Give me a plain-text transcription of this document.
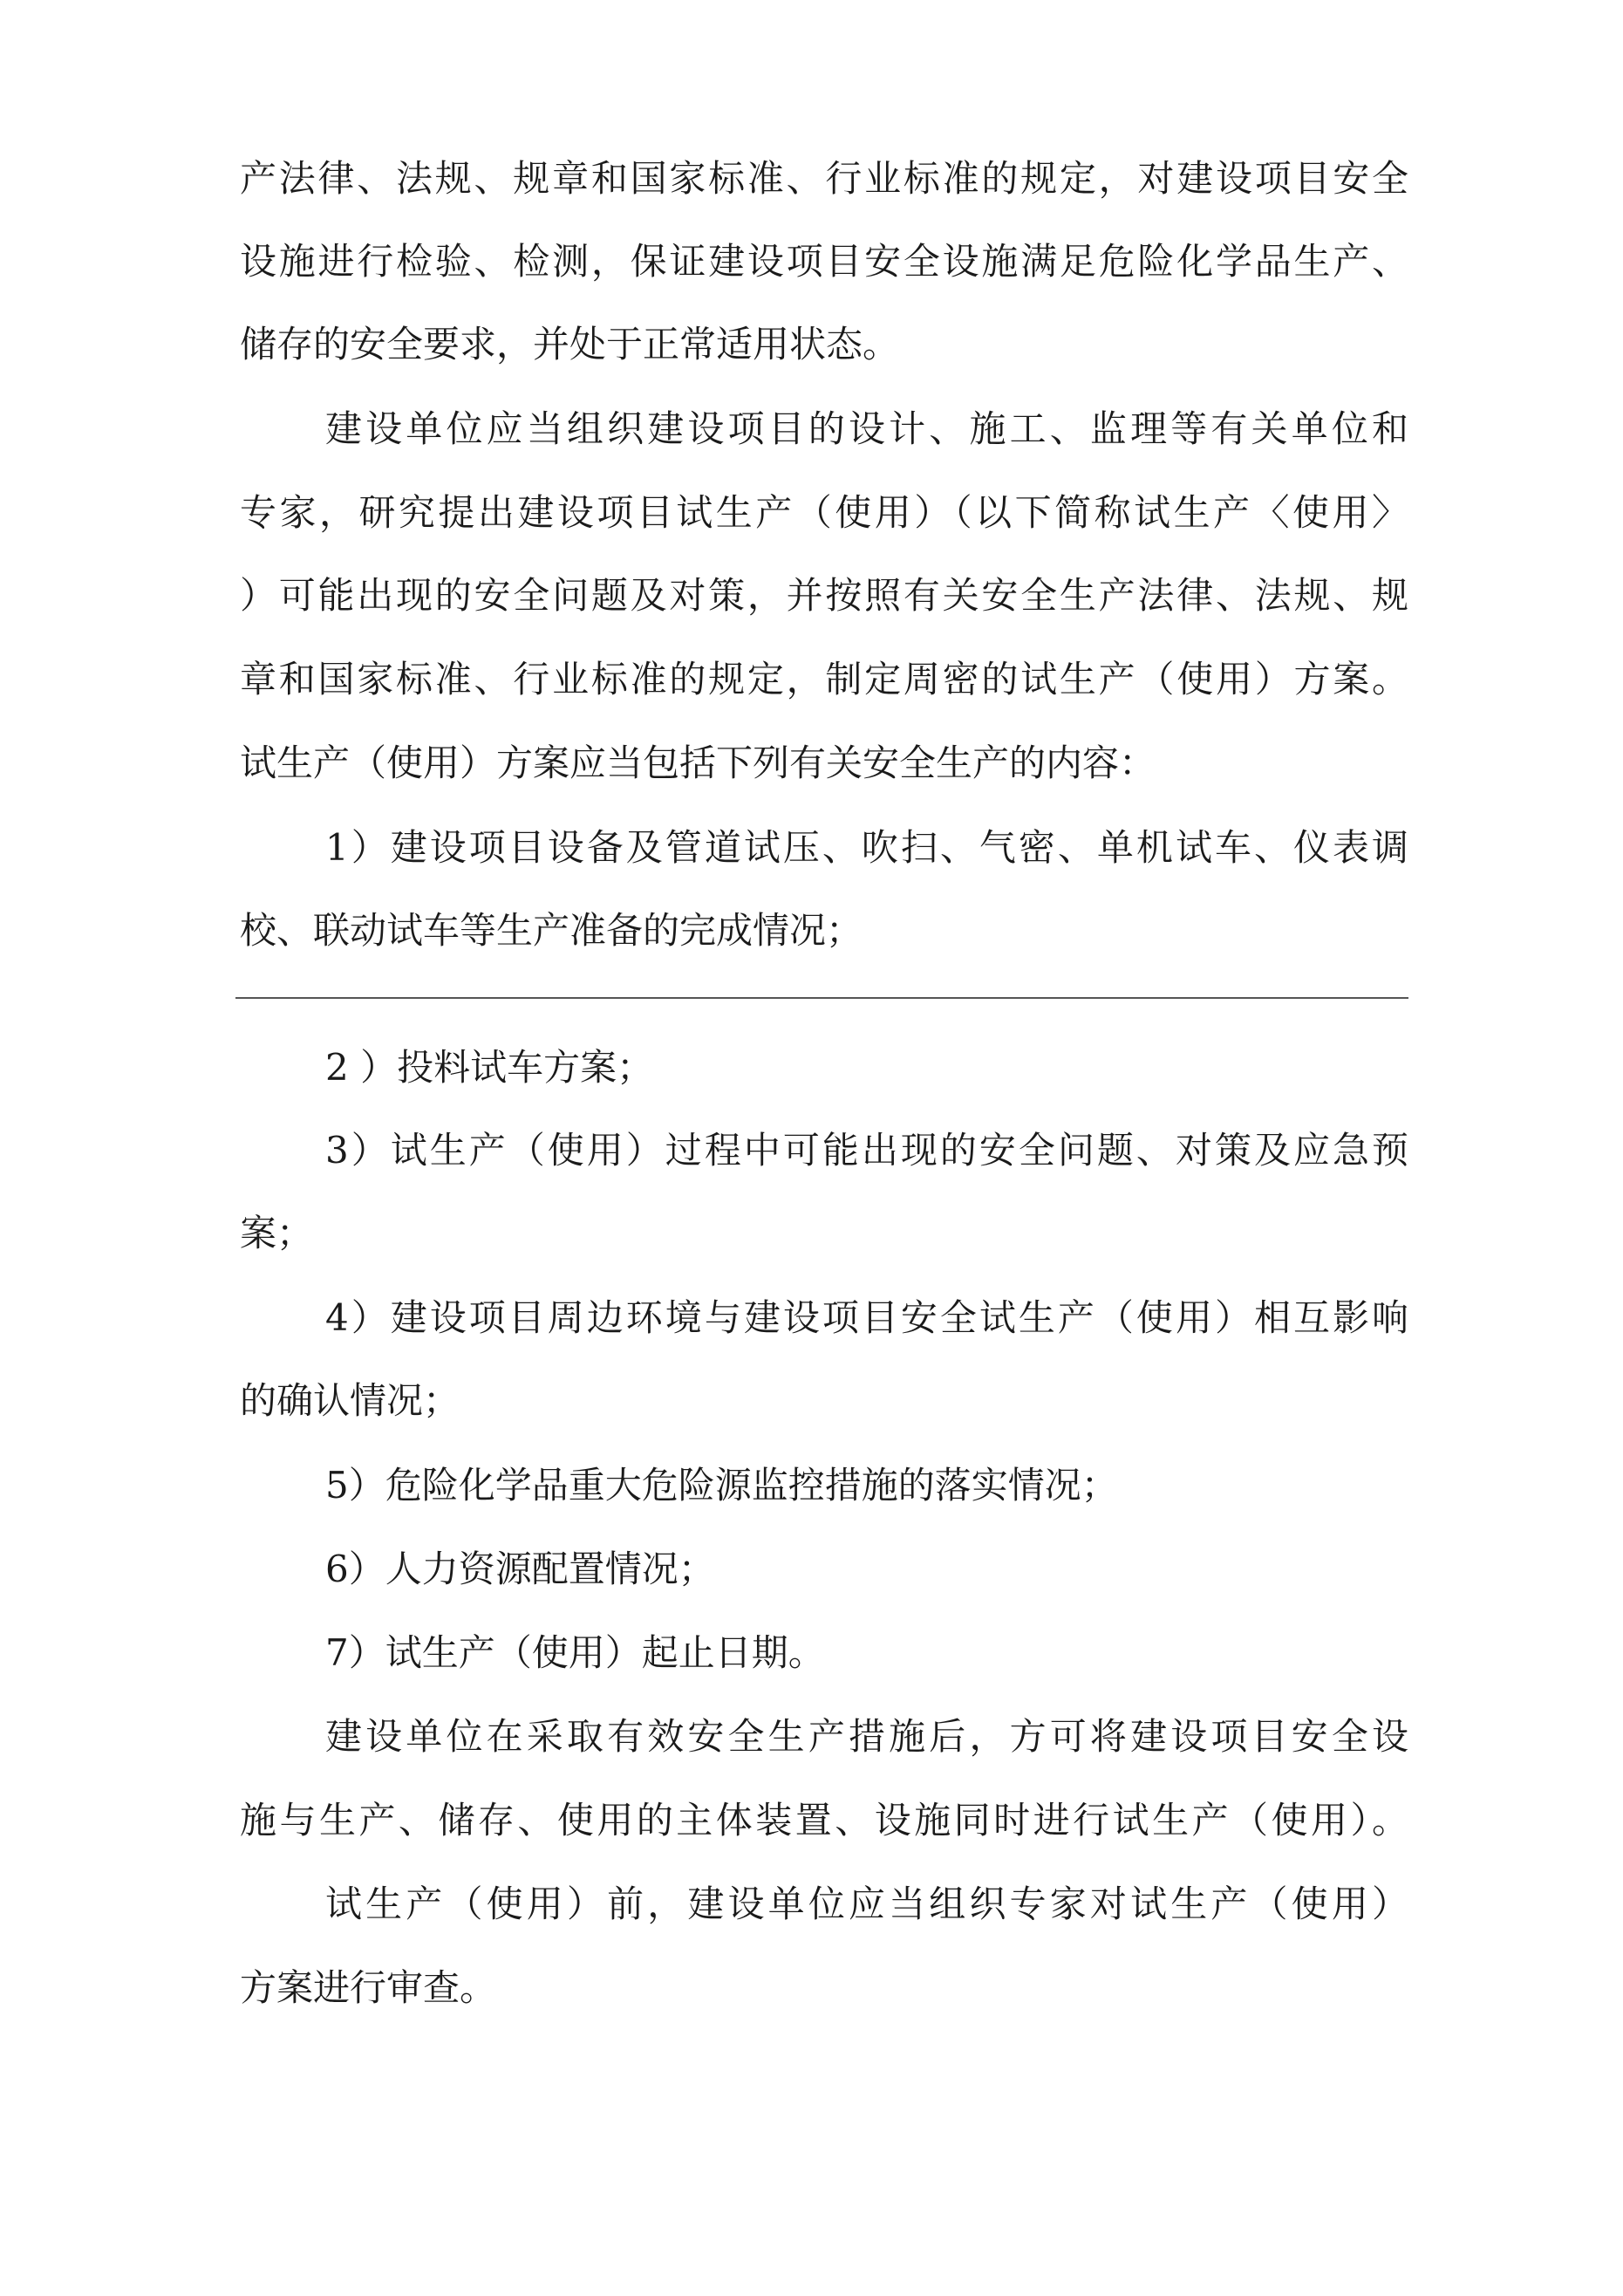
产法律、法规、规章和国家标准、行业标准的规定，对建设项目安全

设施进行检验、检测，保证建设项目安全设施满足危险化学品生产、

储存的安全要求，并处于正常适用状态。

建设单位应当组织建设项目的设计、施工、监理等有关单位和

专家，研究提出建设项目试生产（使用）（以下简称试生产〈使用〉

）可能出现的安全问题及对策，并按照有关安全生产法律、法规、规

章和国家标准、行业标准的规定，制定周密的试生产（使用）方案。

试生产（使用）方案应当包括下列有关安全生产的内容：

1）建设项目设备及管道试压、吹扫、气密、单机试车、仪表调

校、联动试车等生产准备的完成情况；

2 ）投料试车方案；

3）试生产（使用）过程中可能出现的安全问题、对策及应急预

案；

4）建设项目周边环境与建设项目安全试生产（使用）相互影响

的确认情况；

5）危险化学品重大危险源监控措施的落实情况；

6）人力资源配置情况；

7）试生产（使用）起止日期。

建设单位在采取有效安全生产措施后，方可将建设项目安全设

施与生产、储存、使用的主体装置、设施同时进行试生产（使用）。

试生产（使用）前，建设单位应当组织专家对试生产（使用）

方案进行审查。
